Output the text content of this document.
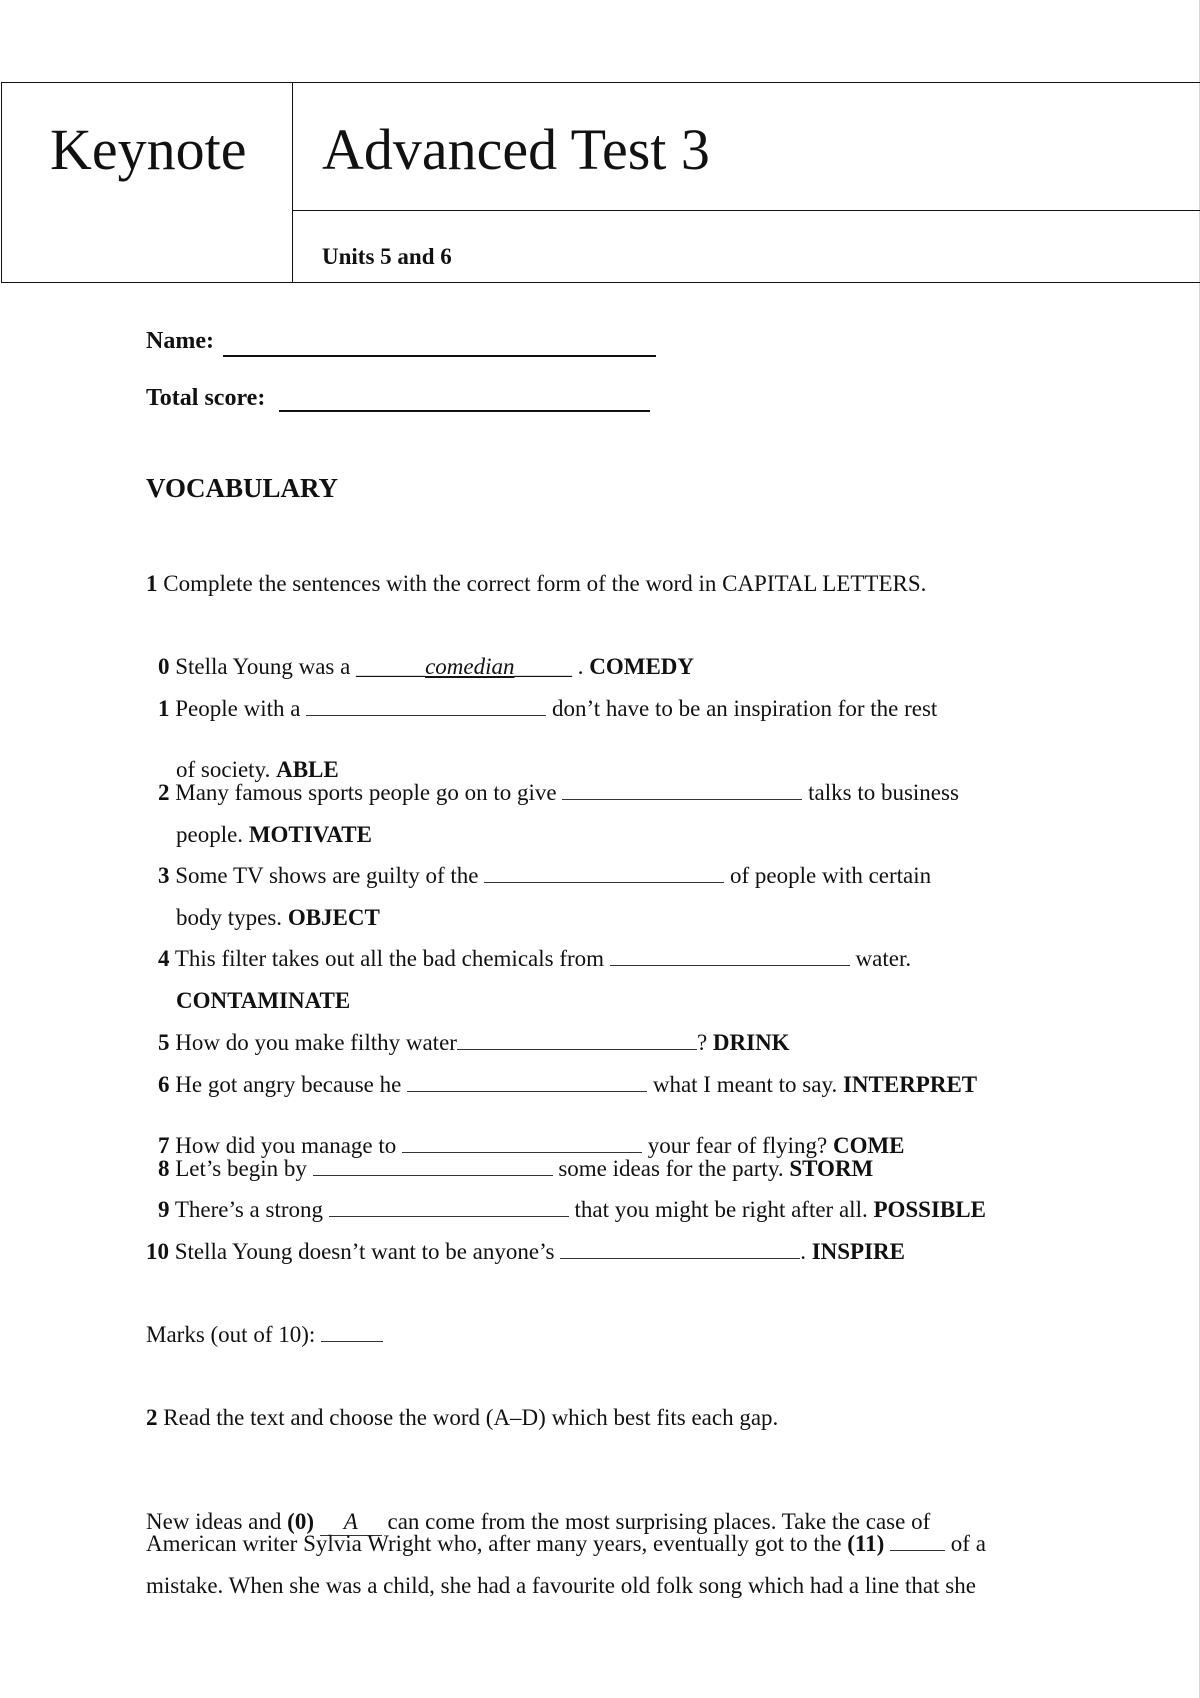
Keynote Advanced Test 3
Units 5 and 6
Name:
Total score:
VOCABULARY
1 Complete the sentences with the correct form of the word in CAPITAL LETTERS.
0 Stella Young was a ______comedian_____ . COMEDY
1 People with a	don’t have to be an inspiration for the rest
of society. ABLE
2 Many famous sports people go on to give	talks to business
people. MOTIVATE
3 Some TV shows are guilty of the	of people with certain
body types. OBJECT
4 This filter takes out all the bad chemicals from	water.
CONTAMINATE
5 How do you make filthy water	? DRINK
6 He got angry because he	what I meant to say. INTERPRET
7 How did you manage to	your fear of flying? COME
8 Let’s begin by	some ideas for the party. STORM
9 There’s a strong	that you might be right after all. POSSIBLE
10 Stella Young doesn’t want to be anyone’s	. INSPIRE
Marks (out of 10):
2 Read the text and choose the word (A–D) which best fits each gap.
New ideas and (0) A can come from the most surprising places. Take the case of
American writer Sylvia Wright who, after many years, eventually got to the (11)	of a
mistake. When she was a child, she had a favourite old folk song which had a line that she
